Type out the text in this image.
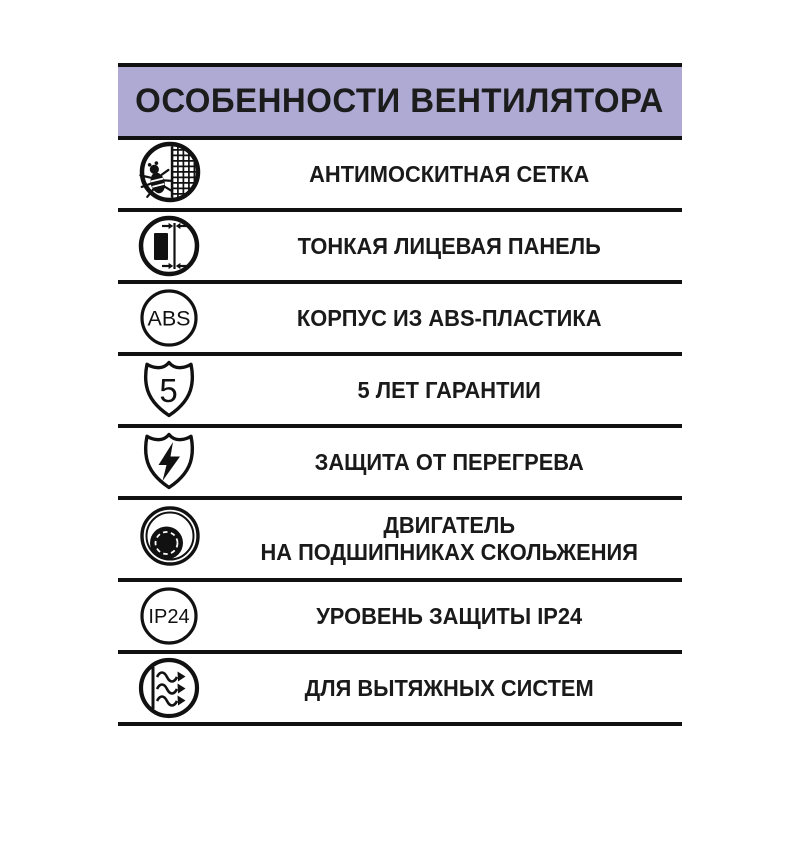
ОСОБЕННОСТИ ВЕНТИЛЯТОРА
АНТИМОСКИТНАЯ СЕТКА
ТОНКАЯ ЛИЦЕВАЯ ПАНЕЛЬ
ABS	КОРПУС ИЗ ABS-ПЛАСТИКА
5	5 ЛЕТ ГАРАНТИИ
ЗАЩИТА ОТ ПЕРЕГРЕВА
ДВИГАТЕЛЬ
НА ПОДШИПНИКАХ СКОЛЬЖЕНИЯ
IP24	УРОВЕНЬ ЗАЩИТЫ IP24
ДЛЯ ВЫТЯЖНЫХ СИСТЕМ
